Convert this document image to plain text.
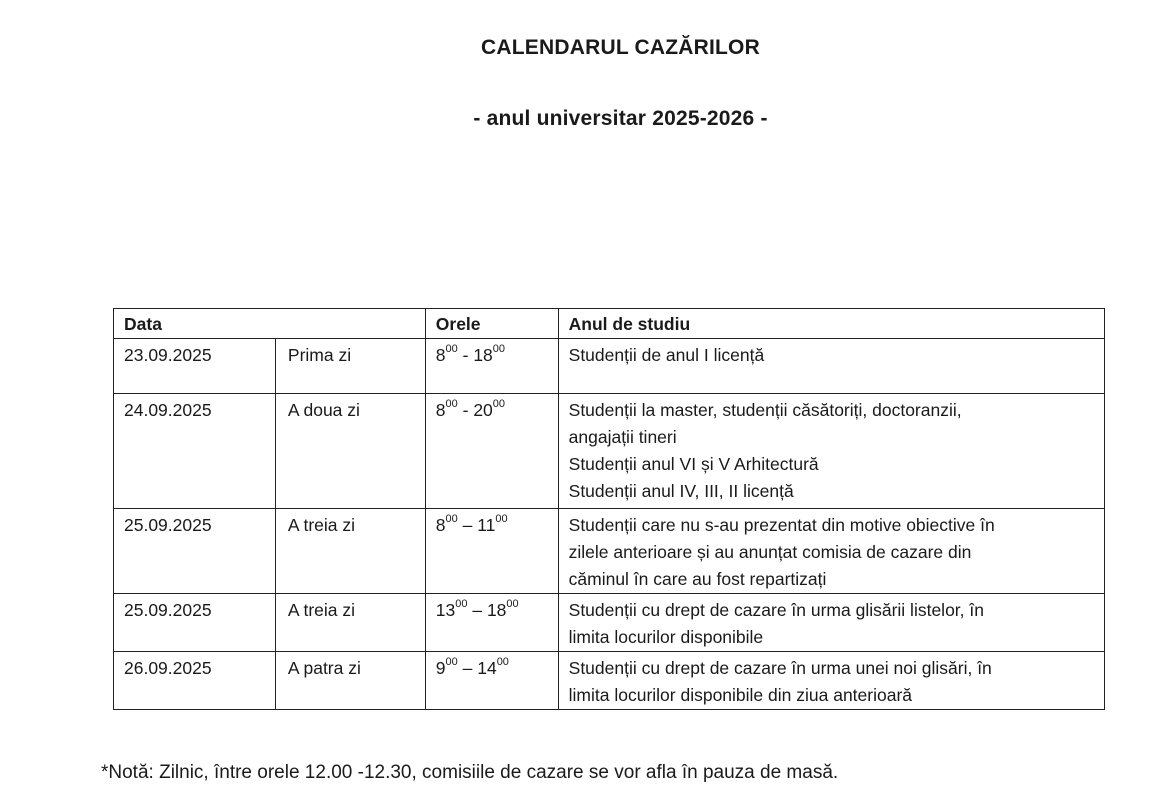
CALENDARUL CAZĂRILOR
- anul universitar 2025-2026 -
Data		Orele	Anul de studiu
23.09.2025	Prima zi	$8^{00} - 18^{00}$	Studenții de anul I licență

24.09.2025	A doua zi	$8^{00} - 20^{00}$	Studenții la master, studenții căsătoriți, doctoranzii,
angajații tineri
Studenții anul VI și V Arhitectură
Studenții anul IV, III, II licență

25.09.2025	A treia zi	$8^{00} - 11^{00}$	Studenții care nu s-au prezentat din motive obiective în
zilele anterioare și au anunțat comisia de cazare din
căminul în care au fost repartizați

25.09.2025	A treia zi	$13^{00} - 18^{00}$	Studenții cu drept de cazare în urma glisării listelor, în
limita locurilor disponibile

26.09.2025	A patra zi	$9^{00} - 14^{00}$	Studenții cu drept de cazare în urma unei noi glisări, în
limita locurilor disponibile din ziua anterioară
*Notă: Zilnic, între orele 12.00 -12.30, comisiile de cazare se vor afla în pauza de masă.
